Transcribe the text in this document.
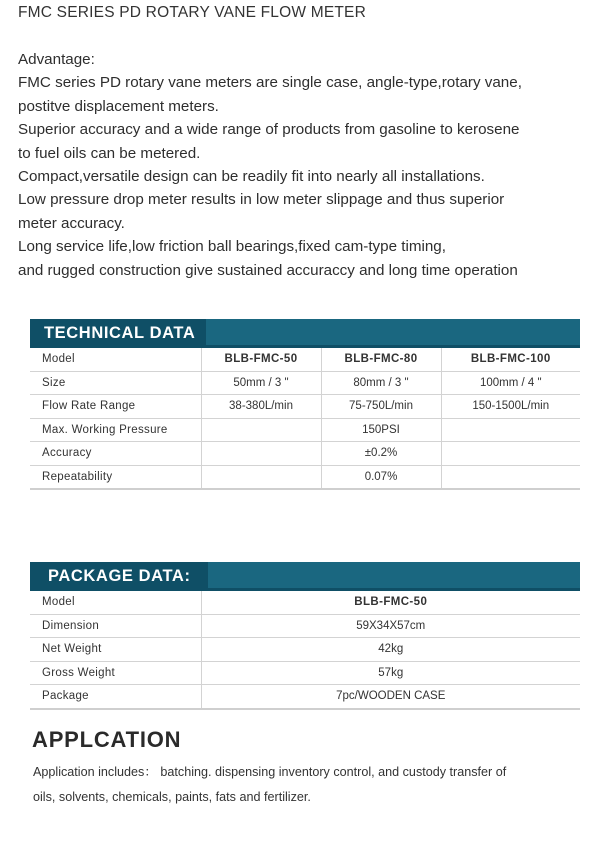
FMC SERIES PD ROTARY VANE FLOW METER
Advantage:
FMC series PD rotary vane meters are single case, angle-type,rotary vane,
postitve displacement meters.
Superior accuracy and a wide range of products from gasoline to kerosene
to fuel oils can be metered.
Compact,versatile design can be readily fit into nearly all installations.
Low pressure drop meter results in low meter slippage and thus superior
meter accuracy.
Long service life,low friction ball bearings,fixed cam-type timing,
and rugged construction give sustained accuraccy and long time operation
TECHNICAL DATA
Model	BLB-FMC-50	BLB-FMC-80	BLB-FMC-100
Size	50mm / 3 "	80mm / 3 "	100mm / 4 "
Flow Rate Range	38-380L/min	75-750L/min	150-1500L/min
Max. Working Pressure		150PSI	
Accuracy		±0.2%	
Repeatability		0.07%	
PACKAGE DATA:
Model	BLB-FMC-50
Dimension	59X34X57cm
Net Weight	42kg
Gross Weight	57kg
Package	7pc/WOODEN CASE
APPLCATION
Application includes： batching. dispensing inventory control, and custody transfer of
oils, solvents, chemicals, paints, fats and fertilizer.
